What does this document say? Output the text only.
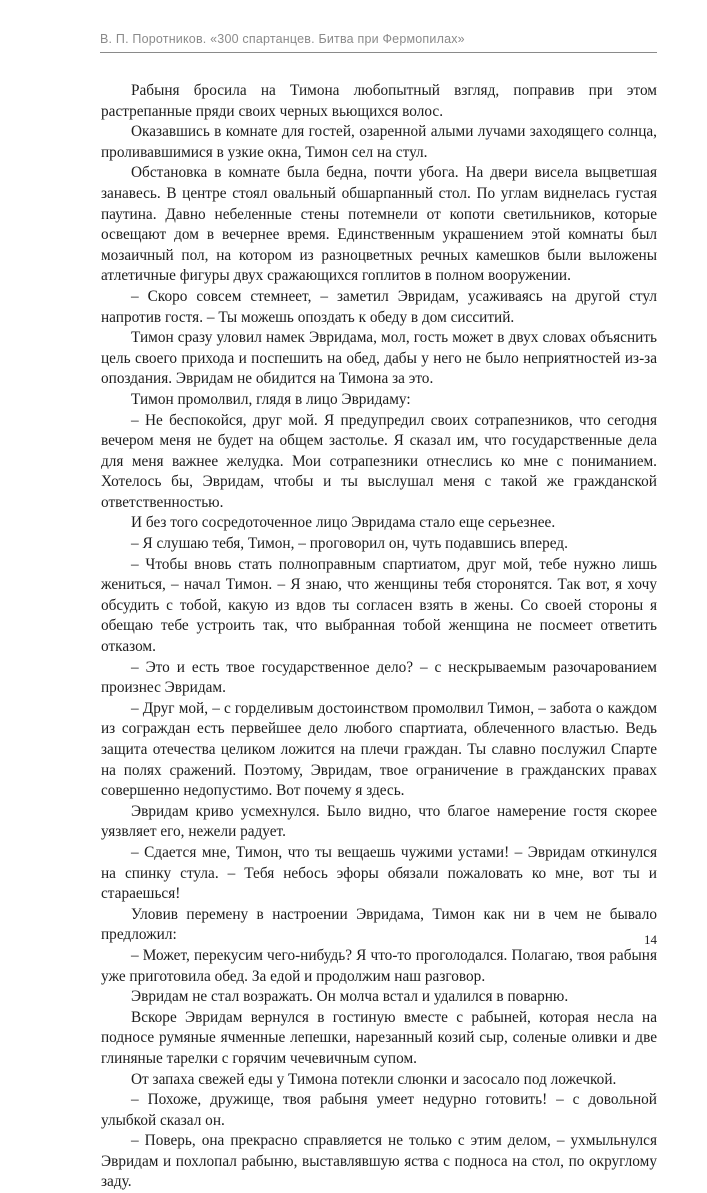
В. П. Поротников. «300 спартанцев. Битва при Фермопилах»

Рабыня бросила на Тимона любопытный взгляд, поправив при этом растрепанные пряди своих черных вьющихся волос.

Оказавшись в комнате для гостей, озаренной алыми лучами заходящего солнца, проливавшимися в узкие окна, Тимон сел на стул.

Обстановка в комнате была бедна, почти убога. На двери висела выцветшая занавесь. В центре стоял овальный обшарпанный стол. По углам виднелась густая паутина. Давно небеленные стены потемнели от копоти светильников, которые освещают дом в вечернее время. Единственным украшением этой комнаты был мозаичный пол, на котором из разноцветных речных камешков были выложены атлетичные фигуры двух сражающихся гоплитов в полном вооружении.

– Скоро совсем стемнеет, – заметил Эвридам, усаживаясь на другой стул напротив гостя. – Ты можешь опоздать к обеду в дом сисситий.

Тимон сразу уловил намек Эвридама, мол, гость может в двух словах объяснить цель своего прихода и поспешить на обед, дабы у него не было неприятностей из-за опоздания. Эвридам не обидится на Тимона за это.

Тимон промолвил, глядя в лицо Эвридаму:

– Не беспокойся, друг мой. Я предупредил своих сотрапезников, что сегодня вечером меня не будет на общем застолье. Я сказал им, что государственные дела для меня важнее желудка. Мои сотрапезники отнеслись ко мне с пониманием. Хотелось бы, Эвридам, чтобы и ты выслушал меня с такой же гражданской ответственностью.

И без того сосредоточенное лицо Эвридама стало еще серьезнее.

– Я слушаю тебя, Тимон, – проговорил он, чуть подавшись вперед.

– Чтобы вновь стать полноправным спартиатом, друг мой, тебе нужно лишь жениться, – начал Тимон. – Я знаю, что женщины тебя сторонятся. Так вот, я хочу обсудить с тобой, какую из вдов ты согласен взять в жены. Со своей стороны я обещаю тебе устроить так, что выбранная тобой женщина не посмеет ответить отказом.

– Это и есть твое государственное дело? – с нескрываемым разочарованием произнес Эвридам.

– Друг мой, – с горделивым достоинством промолвил Тимон, – забота о каждом из сограждан есть первейшее дело любого спартиата, облеченного властью. Ведь защита отечества целиком ложится на плечи граждан. Ты славно послужил Спарте на полях сражений. Поэтому, Эвридам, твое ограничение в гражданских правах совершенно недопустимо. Вот почему я здесь.

Эвридам криво усмехнулся. Было видно, что благое намерение гостя скорее уязвляет его, нежели радует.

– Сдается мне, Тимон, что ты вещаешь чужими устами! – Эвридам откинулся на спинку стула. – Тебя небось эфоры обязали пожаловать ко мне, вот ты и стараешься!

Уловив перемену в настроении Эвридама, Тимон как ни в чем не бывало предложил:

– Может, перекусим чего-нибудь? Я что-то проголодался. Полагаю, твоя рабыня уже приготовила обед. За едой и продолжим наш разговор.

Эвридам не стал возражать. Он молча встал и удалился в поварню.

Вскоре Эвридам вернулся в гостиную вместе с рабыней, которая несла на подносе румяные ячменные лепешки, нарезанный козий сыр, соленые оливки и две глиняные тарелки с горячим чечевичным супом.

От запаха свежей еды у Тимона потекли слюнки и засосало под ложечкой.

– Похоже, дружище, твоя рабыня умеет недурно готовить! – с довольной улыбкой сказал он.

– Поверь, она прекрасно справляется не только с этим делом, – ухмыльнулся Эвридам и похлопал рабыню, выставлявшую яства с подноса на стол, по округлому заду.

14
